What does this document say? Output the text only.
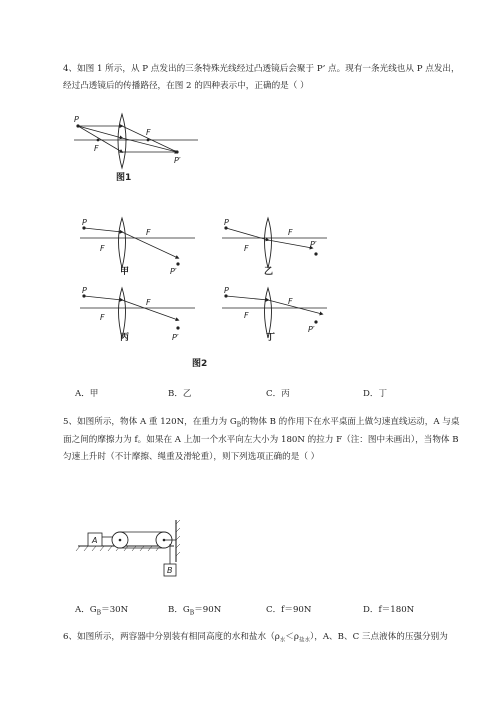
4、如图 1 所示，从 P 点发出的三条特殊光线经过凸透镜后会聚于 P’ 点。现有一条光线也从 P 点发出，
经过凸透镜后的传播路径，在图 2 的四种表示中，正确的是（ ）
P
F
F
P′
图1
P
F
F
P′
甲
P
F
F
P′
乙
P
F
F
P′
丙
P
F
F
P′
丁
图2
A．甲	B．乙	C．丙	D．丁
5、如图所示，物体 A 重 120N，在重力为 $G_B$的物体 B 的作用下在水平桌面上做匀速直线运动，A 与桌
面之间的摩擦力为 f。如果在 A 上加一个水平向左大小为 180N 的拉力 F（注：图中未画出），当物体 B
匀速上升时（不计摩擦、绳重及滑轮重），则下列选项正确的是（ ）
A
B
A．$G_B=30N$	B．$G_B=90N$	C．f＝90N	D．f＝180N
6、如图所示，两容器中分别装有相同高度的水和盐水$(\rho_水<\rho_{盐水})$，A、B、C 三点液体的压强分别为
